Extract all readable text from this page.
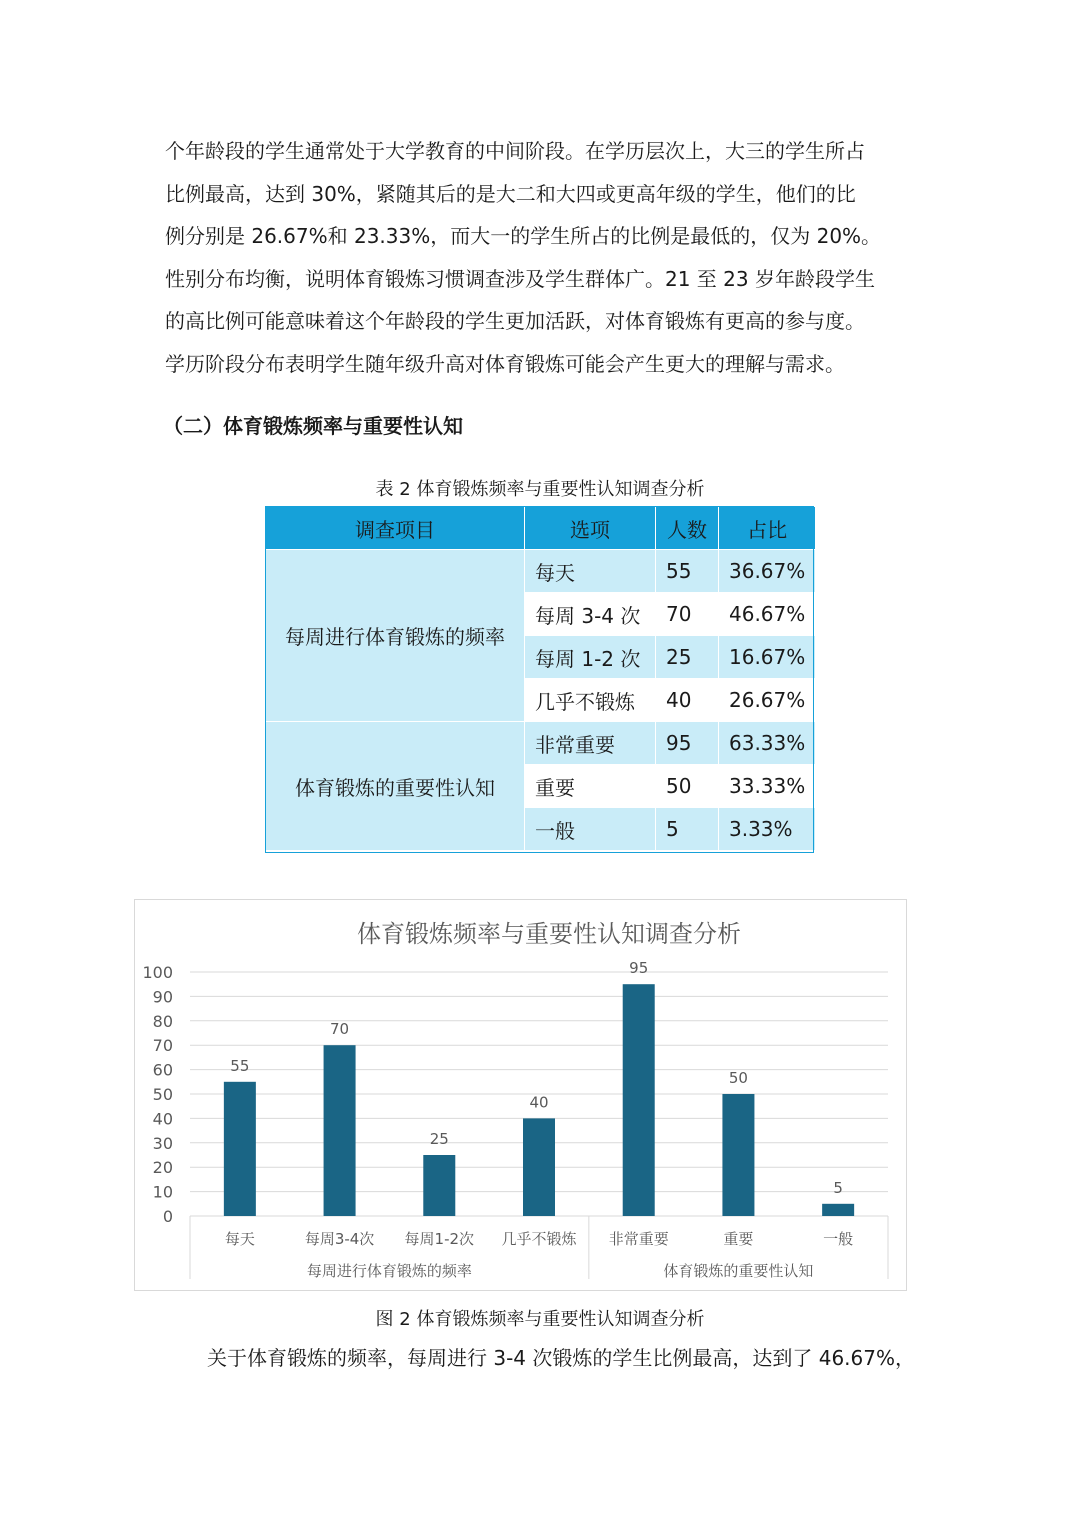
个年龄段的学生通常处于大学教育的中间阶段。在学历层次上，大三的学生所占

比例最高，达到 30%，紧随其后的是大二和大四或更高年级的学生，他们的比

例分别是 26.67%和 23.33%，而大一的学生所占的比例是最低的，仅为 20%。

性别分布均衡，说明体育锻炼习惯调查涉及学生群体广。21 至 23 岁年龄段学生

的高比例可能意味着这个年龄段的学生更加活跃，对体育锻炼有更高的参与度。

学历阶段分布表明学生随年级升高对体育锻炼可能会产生更大的理解与需求。

（二）体育锻炼频率与重要性认知
表 2 体育锻炼频率与重要性认知调查分析
调查项目	选项	人数	占比
每周进行体育锻炼的频率	每天	55	36.67%
	每周 3-4 次	70	46.67%
	每周 1-2 次	25	16.67%
	几乎不锻炼	40	26.67%
体育锻炼的重要性认知	非常重要	95	63.33%
	重要	50	33.33%
	一般	5	3.33%
体育锻炼频率与重要性认知调查分析
0
10
20
30
40
50
60
70
80
90
100
55
每天
70
每周3-4次
25
每周1-2次
40
几乎不锻炼
95
非常重要
50
重要
5
一般
每周进行体育锻炼的频率	体育锻炼的重要性认知
图 2 体育锻炼频率与重要性认知调查分析
关于体育锻炼的频率，每周进行 3-4 次锻炼的学生比例最高，达到了 46.67%，
